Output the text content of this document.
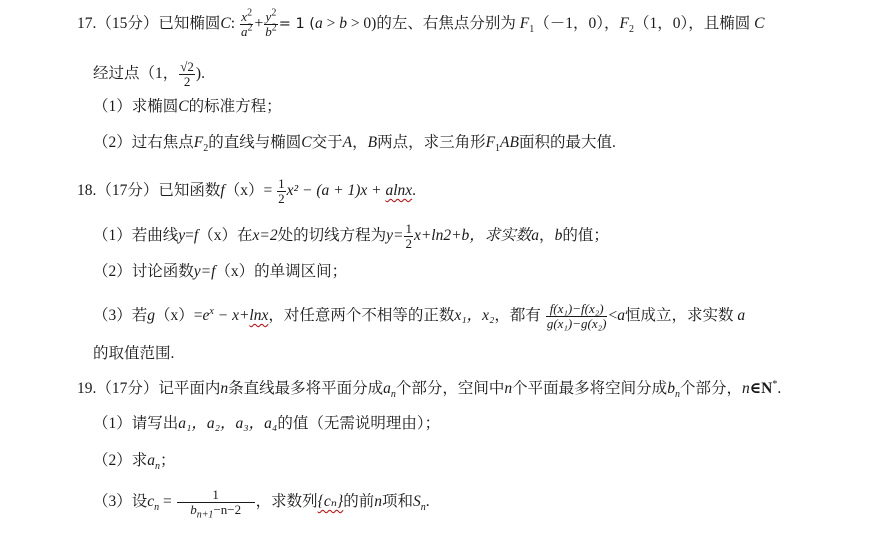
17.（15分）已知椭圆C: $\frac{x^2}{a^2} + \frac{y^2}{b^2} = 1$ (a > b > 0)的左、右焦点分别为 $F_1(-1$，0），$F_2(1$，0），且椭圆 C
经过点（1， $\frac{√2}{2}$ ).
（1）求椭圆C的标准方程；
（2）过右焦点$F_2$的直线与椭圆C交于A，B两点，求三角形$F_1AB$面积的最大值.
18.（17分）已知函数$f(x)= \frac{1}{2} x^2 - (a + 1)x + alnx$.
（1）若曲线y=f（x）在x=2处的切线方程为$y= \frac{1}{2} x+\ln 2+b$，求实数a，b的值；
（2）讨论函数y=f（x）的单调区间；
（3）若$g(x)=e^x - x+\ln x$，对任意两个不相等的正数x₁，x₂，都有 $\frac{\text{f(x₁)−f(x₂)}}{\text{g(x₁)−g(x₂)}} <a$恒成立，求实数 a
的取值范围.
19.（17分）记平面内n条直线最多将平面分成$a_n$个部分，空间中n个平面最多将空间分成$b_n$个部分，n∈N*.
（1）请写出a₁，a₂，a₃，a₄的值（无需说明理由）；
（2）求$a_n$；
（3）设$c_n = \frac{1}{b_{n+1}-n-2}$ ，求数列{cₙ}的前n项和$S_n$.
